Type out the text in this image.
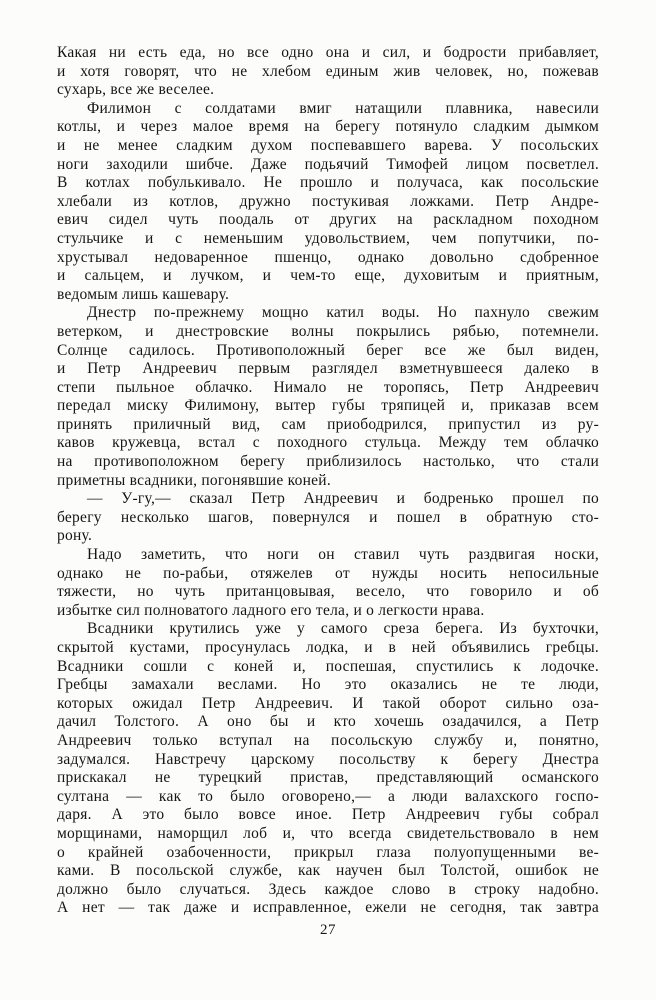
Какая ни есть еда, но все одно она и сил, и бодрости прибавляет,
и хотя говорят, что не хлебом единым жив человек, но, пожевав
сухарь, все же веселее.
Филимон с солдатами вмиг натащили плавника, навесили
котлы, и через малое время на берегу потянуло сладким дымком
и не менее сладким духом поспевавшего варева. У посольских
ноги заходили шибче. Даже подьячий Тимофей лицом посветлел.
В котлах побулькивало. Не прошло и получаса, как посольские
хлебали из котлов, дружно постукивая ложками. Петр Андре-
евич сидел чуть поодаль от других на раскладном походном
стульчике и с неменьшим удовольствием, чем попутчики, по-
хрустывал недоваренное пшенцо, однако довольно сдобренное
и сальцем, и лучком, и чем-то еще, духовитым и приятным,
ведомым лишь кашевару.
Днестр по-прежнему мощно катил воды. Но пахнуло свежим
ветерком, и днестровские волны покрылись рябью, потемнели.
Солнце садилось. Противоположный берег все же был виден,
и Петр Андреевич первым разглядел взметнувшееся далеко в
степи пыльное облачко. Нимало не торопясь, Петр Андреевич
передал миску Филимону, вытер губы тряпицей и, приказав всем
принять приличный вид, сам приободрился, припустил из ру-
кавов кружевца, встал с походного стульца. Между тем облачко
на противоположном берегу приблизилось настолько, что стали
приметны всадники, погонявшие коней.
— У-гу,— сказал Петр Андреевич и бодренько прошел по
берегу несколько шагов, повернулся и пошел в обратную сто-
рону.
Надо заметить, что ноги он ставил чуть раздвигая носки,
однако не по-рабьи, отяжелев от нужды носить непосильные
тяжести, но чуть пританцовывая, весело, что говорило и об
избытке сил полноватого ладного его тела, и о легкости нрава.
Всадники крутились уже у самого среза берега. Из бухточки,
скрытой кустами, просунулась лодка, и в ней объявились гребцы.
Всадники сошли с коней и, поспешая, спустились к лодочке.
Гребцы замахали веслами. Но это оказались не те люди,
которых ожидал Петр Андреевич. И такой оборот сильно оза-
дачил Толстого. А оно бы и кто хочешь озадачился, а Петр
Андреевич только вступал на посольскую службу и, понятно,
задумался. Навстречу царскому посольству к берегу Днестра
прискакал не турецкий пристав, представляющий османского
султана — как то было оговорено,— а люди валахского госпо-
даря. А это было вовсе иное. Петр Андреевич губы собрал
морщинами, наморщил лоб и, что всегда свидетельствовало в нем
о крайней озабоченности, прикрыл глаза полуопущенными ве-
ками. В посольской службе, как научен был Толстой, ошибок не
должно было случаться. Здесь каждое слово в строку надобно.
А нет — так даже и исправленное, ежели не сегодня, так завтра
27
